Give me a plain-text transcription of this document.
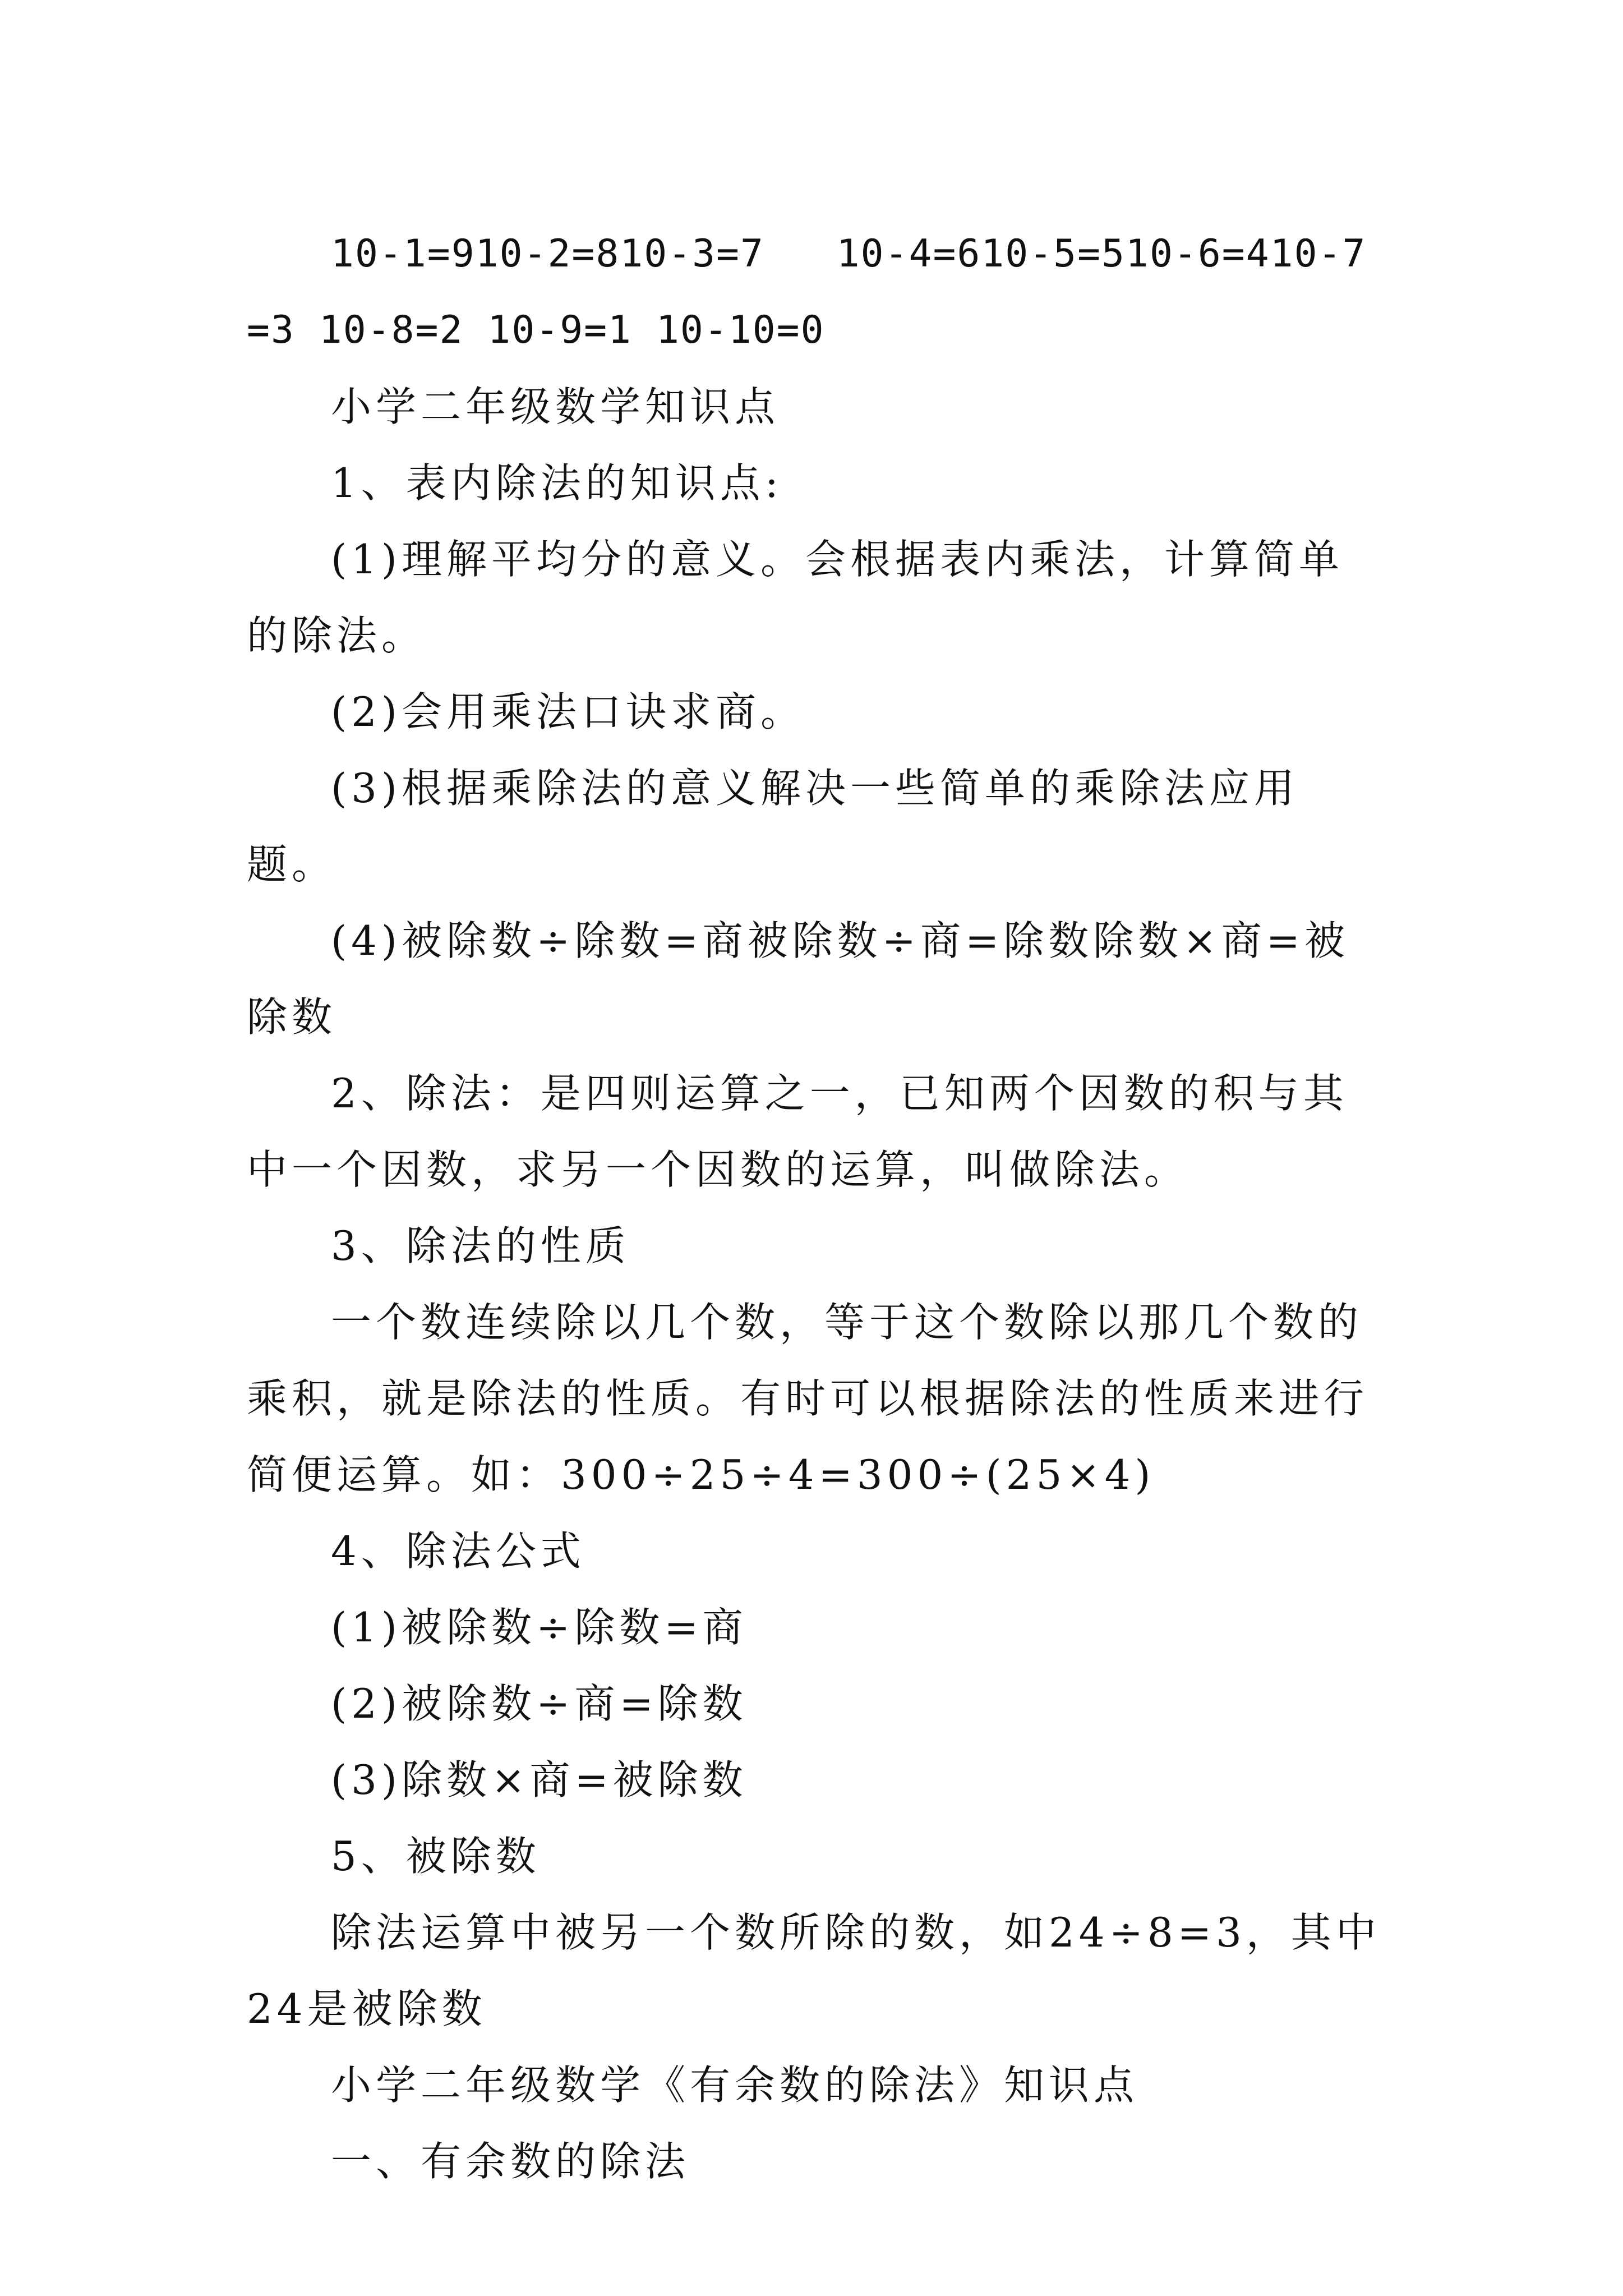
10-1=910-2=810-3=7   10-4=610-5=510-6=410-7=3 10-8=2 10-9=1 10-10=0

小学二年级数学知识点

1、表内除法的知识点:

(1)理解平均分的意义。会根据表内乘法，计算简单的除法。

(2)会用乘法口诀求商。

(3)根据乘除法的意义解决一些简单的乘除法应用题。

(4)被除数÷除数=商被除数÷商=除数除数×商=被除数

2、除法：是四则运算之一，已知两个因数的积与其中一个因数，求另一个因数的运算，叫做除法。

3、除法的性质

一个数连续除以几个数，等于这个数除以那几个数的乘积，就是除法的性质。有时可以根据除法的性质来进行简便运算。如：300÷25÷4=300÷(25×4)

4、除法公式

(1)被除数÷除数=商

(2)被除数÷商=除数

(3)除数×商=被除数

5、被除数

除法运算中被另一个数所除的数，如24÷8=3，其中24是被除数

小学二年级数学《有余数的除法》知识点

一、有余数的除法
